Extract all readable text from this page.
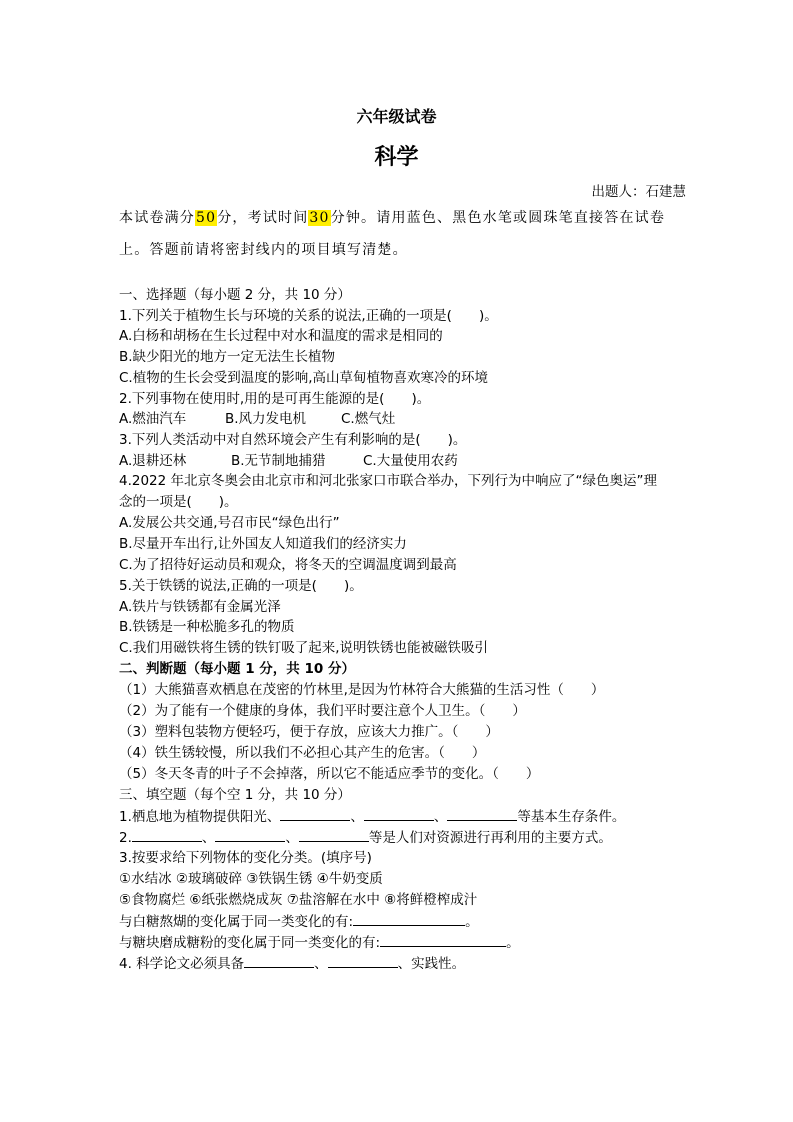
六年级试卷
科学
出题人：石建慧
本试卷满分50分，考试时间30分钟。请用蓝色、黑色水笔或圆珠笔直接答在试卷上。答题前请将密封线内的项目填写清楚。
一、选择题（每小题 2 分，共 10 分）
1.下列关于植物生长与环境的关系的说法,正确的一项是(　　)。
A.白杨和胡杨在生长过程中对水和温度的需求是相同的
B.缺少阳光的地方一定无法生长植物
C.植物的生长会受到温度的影响,高山草甸植物喜欢寒冷的环境
2.下列事物在使用时,用的是可再生能源的是(　　)。
A.燃油汽车	B.风力发电机	C.燃气灶
3.下列人类活动中对自然环境会产生有利影响的是(　　)。
A.退耕还林	B.无节制地捕猎	C.大量使用农药
4.2022 年北京冬奥会由北京市和河北张家口市联合举办，下列行为中响应了“绿色奥运”理
念的一项是(　　)。
A.发展公共交通,号召市民“绿色出行”
B.尽量开车出行,让外国友人知道我们的经济实力
C.为了招待好运动员和观众，将冬天的空调温度调到最高
5.关于铁锈的说法,正确的一项是(　　)。
A.铁片与铁锈都有金属光泽
B.铁锈是一种松脆多孔的物质
C.我们用磁铁将生锈的铁钉吸了起来,说明铁锈也能被磁铁吸引
二、判断题（每小题 1 分，共 10 分）
（1）大熊猫喜欢栖息在茂密的竹林里,是因为竹林符合大熊猫的生活习性（　　）
（2）为了能有一个健康的身体，我们平时要注意个人卫生。（　　）
（3）塑料包装物方便轻巧，便于存放，应该大力推广。（　　）
（4）铁生锈较慢，所以我们不必担心其产生的危害。（　　）
（5）冬天冬青的叶子不会掉落，所以它不能适应季节的变化。（　　）
三、填空题（每个空 1 分，共 10 分）
1.栖息地为植物提供阳光、	、	、	等基本生存条件。
2.	、	、	等是人们对资源进行再利用的主要方式。
3.按要求给下列物体的变化分类。(填序号)
①水结冰 ②玻璃破碎 ③铁锅生锈 ④牛奶变质
⑤食物腐烂 ⑥纸张燃烧成灰 ⑦盐溶解在水中 ⑧将鲜橙榨成汁
与白糖熬煳的变化属于同一类变化的有:	。
与糖块磨成糖粉的变化属于同一类变化的有:	。
4. 科学论文必须具备	、	、实践性。
